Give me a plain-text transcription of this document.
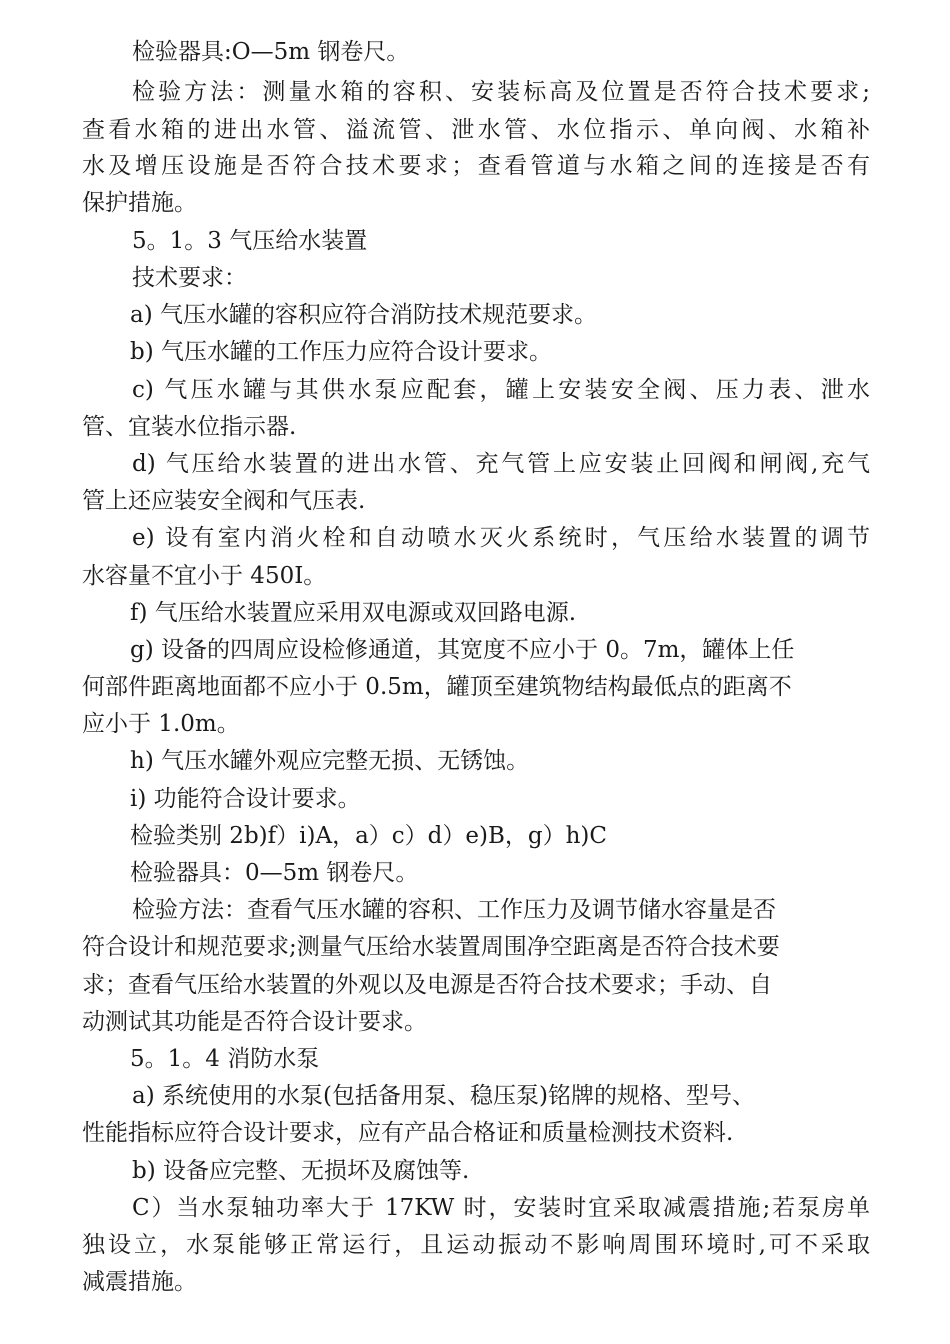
检验器具:O—5m 钢卷尺。
检验方法：测量水箱的容积、安装标高及位置是否符合技术要求;
查看水箱的进出水管、溢流管、泄水管、水位指示、单向阀、水箱补
水及增压设施是否符合技术要求；查看管道与水箱之间的连接是否有
保护措施。
5。1。3 气压给水装置
技术要求：
a) 气压水罐的容积应符合消防技术规范要求。
b) 气压水罐的工作压力应符合设计要求。
c) 气压水罐与其供水泵应配套，罐上安装安全阀、压力表、泄水
管、宜装水位指示器.
d) 气压给水装置的进出水管、充气管上应安装止回阀和闸阀,充气
管上还应装安全阀和气压表.
e) 设有室内消火栓和自动喷水灭火系统时，气压给水装置的调节
水容量不宜小于 450I。
f) 气压给水装置应采用双电源或双回路电源.
g) 设备的四周应设检修通道，其宽度不应小于 0。7m，罐体上任
何部件距离地面都不应小于 0.5m，罐顶至建筑物结构最低点的距离不
应小于 1.0m。
h) 气压水罐外观应完整无损、无锈蚀。
i) 功能符合设计要求。
检验类别 2b)f）i)A，a）c）d）e)B，g）h)C
检验器具：0—5m 钢卷尺。
检验方法：查看气压水罐的容积、工作压力及调节储水容量是否
符合设计和规范要求;测量气压给水装置周围净空距离是否符合技术要
求；查看气压给水装置的外观以及电源是否符合技术要求；手动、自
动测试其功能是否符合设计要求。
5。1。4 消防水泵
a) 系统使用的水泵(包括备用泵、稳压泵)铭牌的规格、型号、
性能指标应符合设计要求，应有产品合格证和质量检测技术资料.
b) 设备应完整、无损坏及腐蚀等.
C）当水泵轴功率大于 17KW 时，安装时宜采取减震措施;若泵房单
独设立，水泵能够正常运行，且运动振动不影响周围环境时,可不采取
减震措施。
